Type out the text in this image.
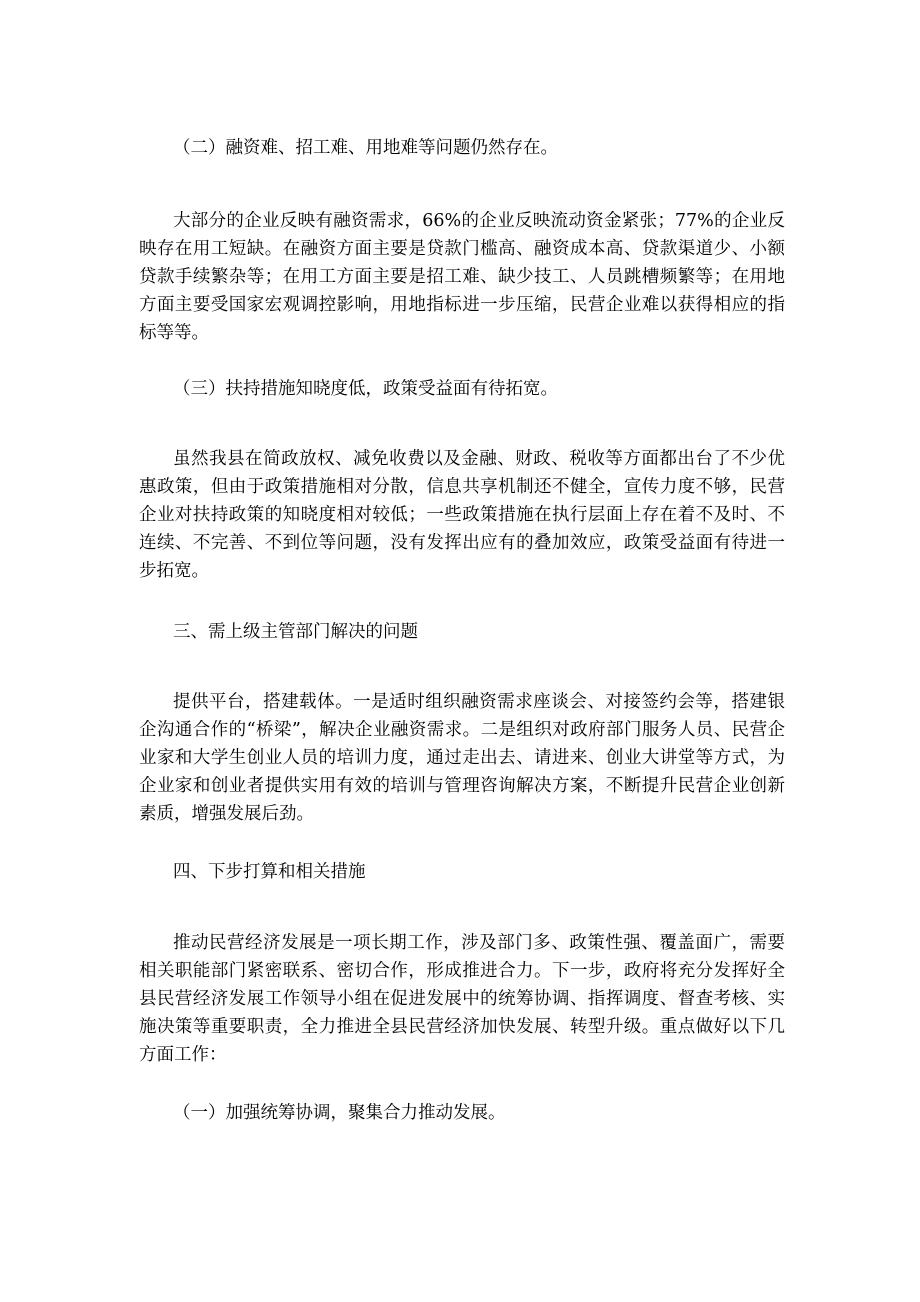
（二）融资难、招工难、用地难等问题仍然存在。

大部分的企业反映有融资需求，66%的企业反映流动资金紧张；77%的企业反映存在用工短缺。在融资方面主要是贷款门槛高、融资成本高、贷款渠道少、小额贷款手续繁杂等；在用工方面主要是招工难、缺少技工、人员跳槽频繁等；在用地方面主要受国家宏观调控影响，用地指标进一步压缩，民营企业难以获得相应的指标等等。

（三）扶持措施知晓度低，政策受益面有待拓宽。

虽然我县在简政放权、减免收费以及金融、财政、税收等方面都出台了不少优惠政策，但由于政策措施相对分散，信息共享机制还不健全，宣传力度不够，民营企业对扶持政策的知晓度相对较低；一些政策措施在执行层面上存在着不及时、不连续、不完善、不到位等问题，没有发挥出应有的叠加效应，政策受益面有待进一步拓宽。

三、需上级主管部门解决的问题

提供平台，搭建载体。一是适时组织融资需求座谈会、对接签约会等，搭建银企沟通合作的“桥梁”，解决企业融资需求。二是组织对政府部门服务人员、民营企业家和大学生创业人员的培训力度，通过走出去、请进来、创业大讲堂等方式，为企业家和创业者提供实用有效的培训与管理咨询解决方案，不断提升民营企业创新素质，增强发展后劲。

四、下步打算和相关措施

推动民营经济发展是一项长期工作，涉及部门多、政策性强、覆盖面广，需要相关职能部门紧密联系、密切合作，形成推进合力。下一步，政府将充分发挥好全县民营经济发展工作领导小组在促进发展中的统筹协调、指挥调度、督查考核、实施决策等重要职责，全力推进全县民营经济加快发展、转型升级。重点做好以下几方面工作：

（一）加强统筹协调，聚集合力推动发展。
